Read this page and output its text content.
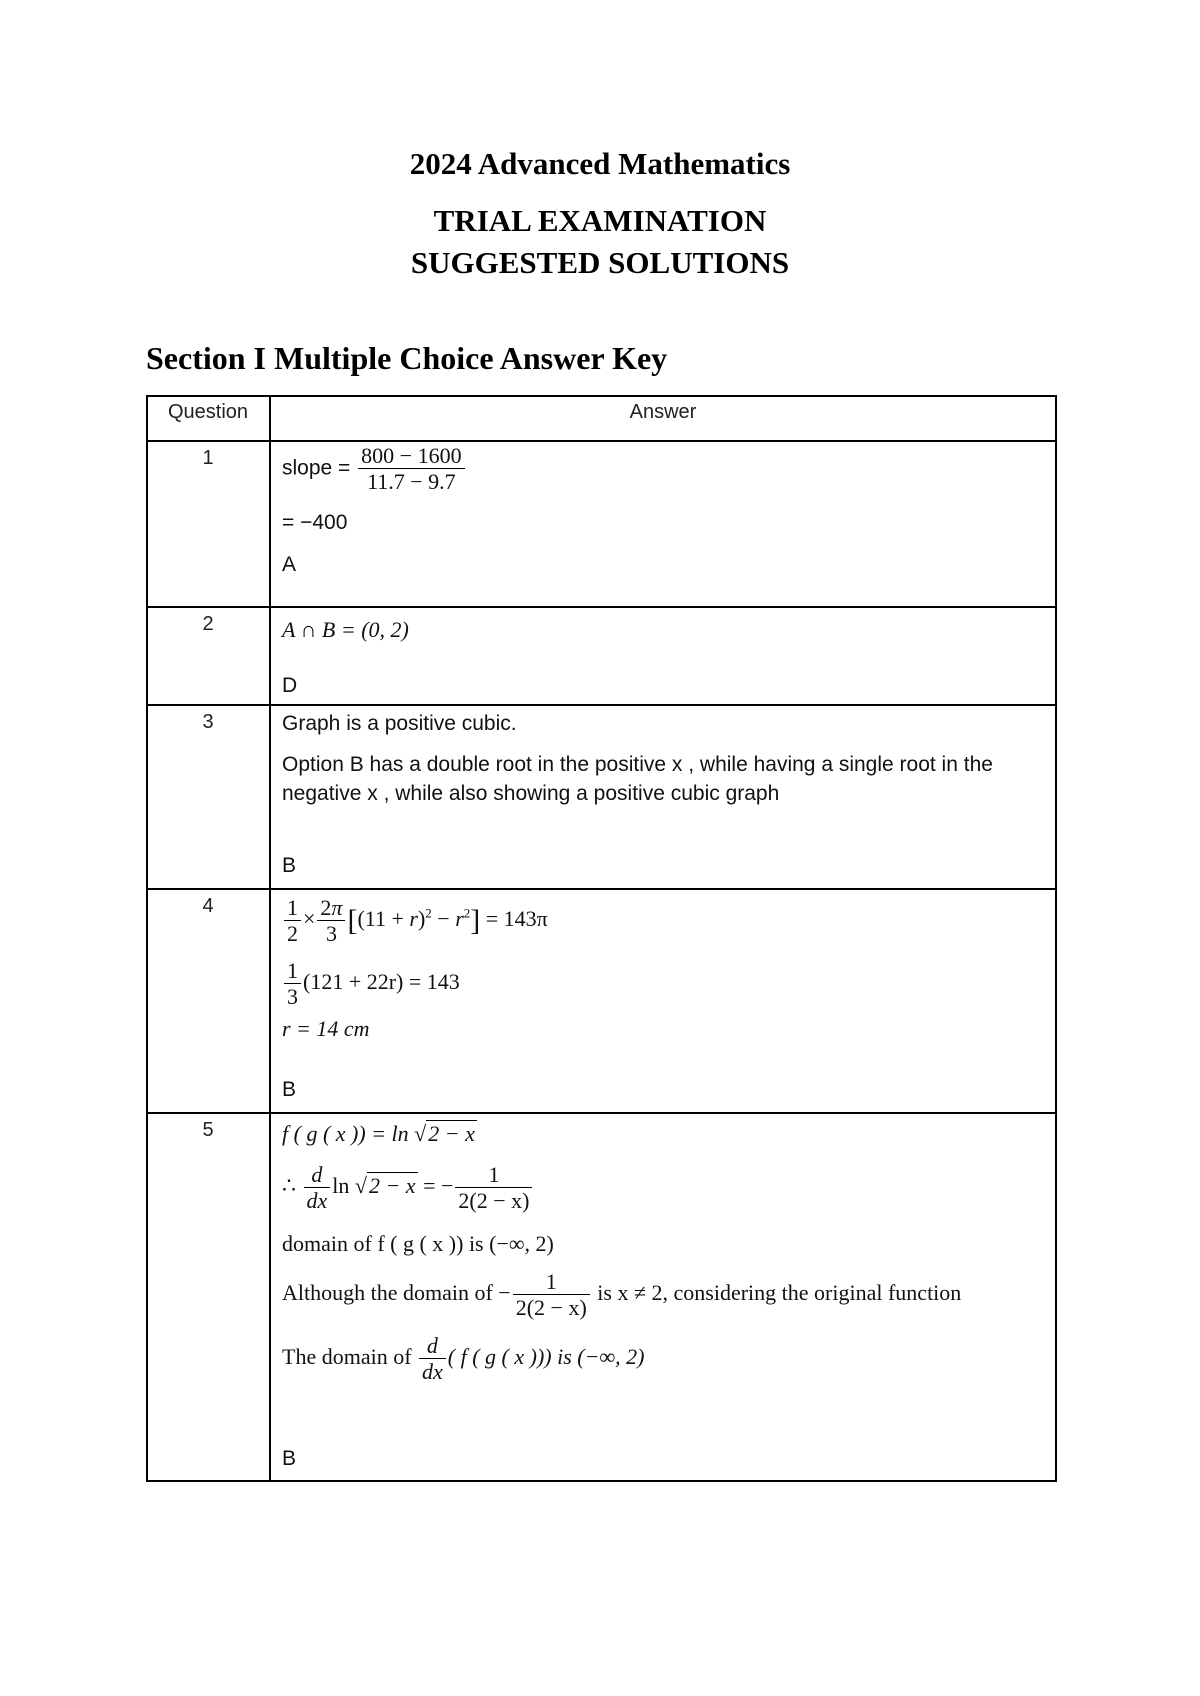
2024 Advanced Mathematics
TRIAL EXAMINATION
SUGGESTED SOLUTIONS
Section I Multiple Choice Answer Key
Question	Answer
1	slope = $\frac{800 - 1600}{11.7 - 9.7}$
= −400
A
2	A ∩ B = (0, 2)
D
3	Graph is a positive cubic.
Option B has a double root in the positive x , while having a single root in the
negative x , while also showing a positive cubic graph
B
4	$\frac{1}{2} \times \frac{2\pi}{3} [(11 + r)^2 - r^2] = 143\pi$
$\frac{1}{3} (121 + 22r) = 143$
r = 14 cm
B
5	f ( g ( x )) = ln √2 − x
∴ $\frac{d}{dx}$ ln √2 − x = − $\frac{1}{2(2 - x)}$
domain of f ( g ( x )) is (−∞, 2)
Although the domain of − $\frac{1}{2(2 - x)}$ is x ≠ 2, considering the original function
The domain of $\frac{d}{dx}$ ( f ( g ( x ))) is (−∞, 2)
B
